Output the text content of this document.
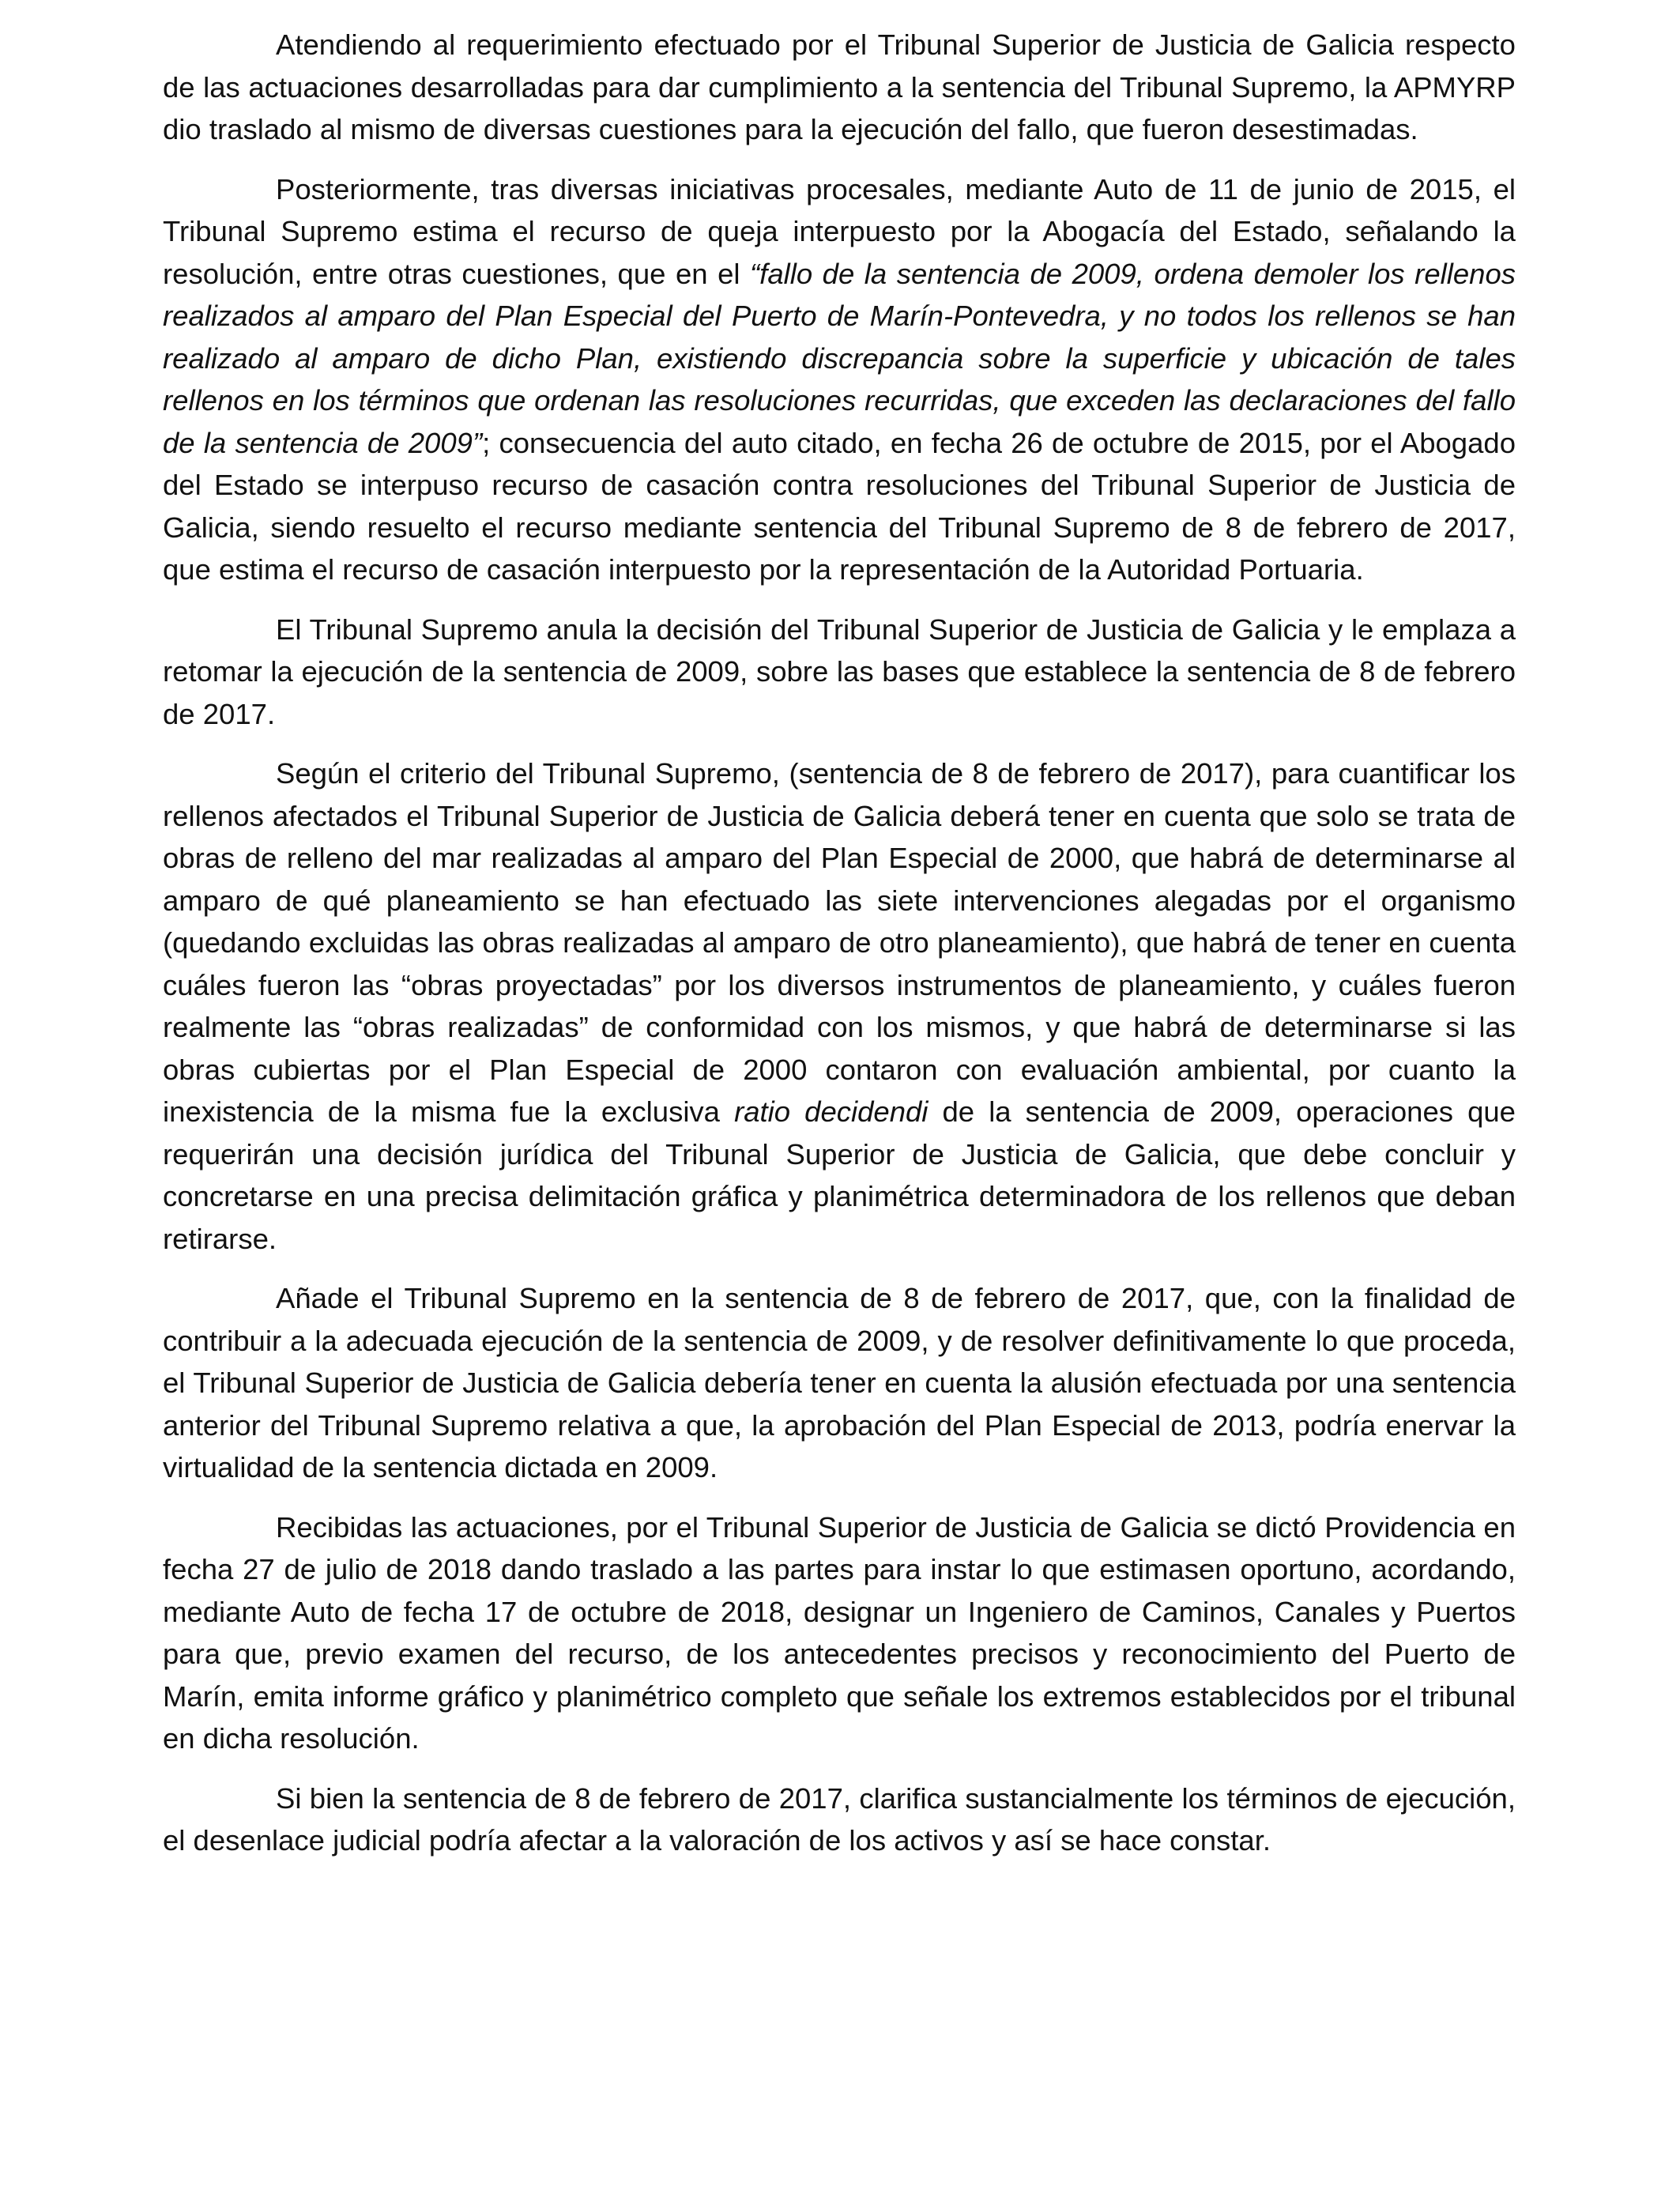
Atendiendo al requerimiento efectuado por el Tribunal Superior de Justicia de Galicia respecto de las actuaciones desarrolladas para dar cumplimiento a la sentencia del Tribunal Supremo, la APMYRP dio traslado al mismo de diversas cuestiones para la ejecución del fallo, que fueron desestimadas.

Posteriormente, tras diversas iniciativas procesales, mediante Auto de 11 de junio de 2015, el Tribunal Supremo estima el recurso de queja interpuesto por la Abogacía del Estado, señalando la resolución, entre otras cuestiones, que en el “fallo de la sentencia de 2009, ordena demoler los rellenos realizados al amparo del Plan Especial del Puerto de Marín-Pontevedra, y no todos los rellenos se han realizado al amparo de dicho Plan, existiendo discrepancia sobre la superficie y ubicación de tales rellenos en los términos que ordenan las resoluciones recurridas, que exceden las declaraciones del fallo de la sentencia de 2009”; consecuencia del auto citado, en fecha 26 de octubre de 2015, por el Abogado del Estado se interpuso recurso de casación contra resoluciones del Tribunal Superior de Justicia de Galicia, siendo resuelto el recurso mediante sentencia del Tribunal Supremo de 8 de febrero de 2017, que estima el recurso de casación interpuesto por la representación de la Autoridad Portuaria.

El Tribunal Supremo anula la decisión del Tribunal Superior de Justicia de Galicia y le emplaza a retomar la ejecución de la sentencia de 2009, sobre las bases que establece la sentencia de 8 de febrero de 2017.

Según el criterio del Tribunal Supremo, (sentencia de 8 de febrero de 2017), para cuantificar los rellenos afectados el Tribunal Superior de Justicia de Galicia deberá tener en cuenta que solo se trata de obras de relleno del mar realizadas al amparo del Plan Especial de 2000, que habrá de determinarse al amparo de qué planeamiento se han efectuado las siete intervenciones alegadas por el organismo (quedando excluidas las obras realizadas al amparo de otro planeamiento), que habrá de tener en cuenta cuáles fueron las “obras proyectadas” por los diversos instrumentos de planeamiento, y cuáles fueron realmente las “obras realizadas” de conformidad con los mismos, y que habrá de determinarse si las obras cubiertas por el Plan Especial de 2000 contaron con evaluación ambiental, por cuanto la inexistencia de la misma fue la exclusiva ratio decidendi de la sentencia de 2009, operaciones que requerirán una decisión jurídica del Tribunal Superior de Justicia de Galicia, que debe concluir y concretarse en una precisa delimitación gráfica y planimétrica determinadora de los rellenos que deban retirarse.

Añade el Tribunal Supremo en la sentencia de 8 de febrero de 2017, que, con la finalidad de contribuir a la adecuada ejecución de la sentencia de 2009, y de resolver definitivamente lo que proceda, el Tribunal Superior de Justicia de Galicia debería tener en cuenta la alusión efectuada por una sentencia anterior del Tribunal Supremo relativa a que, la aprobación del Plan Especial de 2013, podría enervar la virtualidad de la sentencia dictada en 2009.

Recibidas las actuaciones, por el Tribunal Superior de Justicia de Galicia se dictó Providencia en fecha 27 de julio de 2018 dando traslado a las partes para instar lo que estimasen oportuno, acordando, mediante Auto de fecha 17 de octubre de 2018, designar un Ingeniero de Caminos, Canales y Puertos para que, previo examen del recurso, de los antecedentes precisos y reconocimiento del Puerto de Marín, emita informe gráfico y planimétrico completo que señale los extremos establecidos por el tribunal en dicha resolución.

Si bien la sentencia de 8 de febrero de 2017, clarifica sustancialmente los términos de ejecución, el desenlace judicial podría afectar a la valoración de los activos y así se hace constar.
